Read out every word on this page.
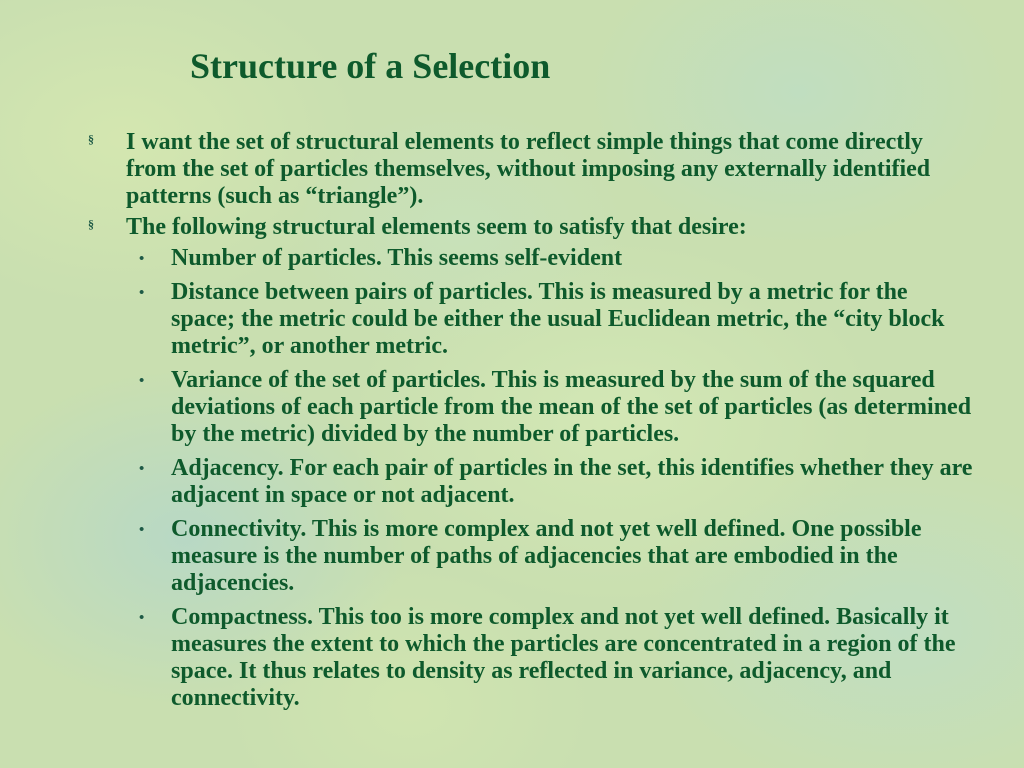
Structure of a Selection
§ I want the set of structural elements to reflect simple things that come directly from the set of particles themselves, without imposing any externally identified patterns (such as “triangle”).
§ The following structural elements seem to satisfy that desire:
• Number of particles. This seems self-evident
• Distance between pairs of particles. This is measured by a metric for the space; the metric could be either the usual Euclidean metric, the “city block metric”, or another metric.
• Variance of the set of particles. This is measured by the sum of the squared deviations of each particle from the mean of the set of particles (as determined by the metric) divided by the number of particles.
• Adjacency. For each pair of particles in the set, this identifies whether they are adjacent in space or not adjacent.
• Connectivity. This is more complex and not yet well defined. One possible measure is the number of paths of adjacencies that are embodied in the adjacencies.
• Compactness. This too is more complex and not yet well defined. Basically it measures the extent to which the particles are concentrated in a region of the space. It thus relates to density as reflected in variance, adjacency, and connectivity.
